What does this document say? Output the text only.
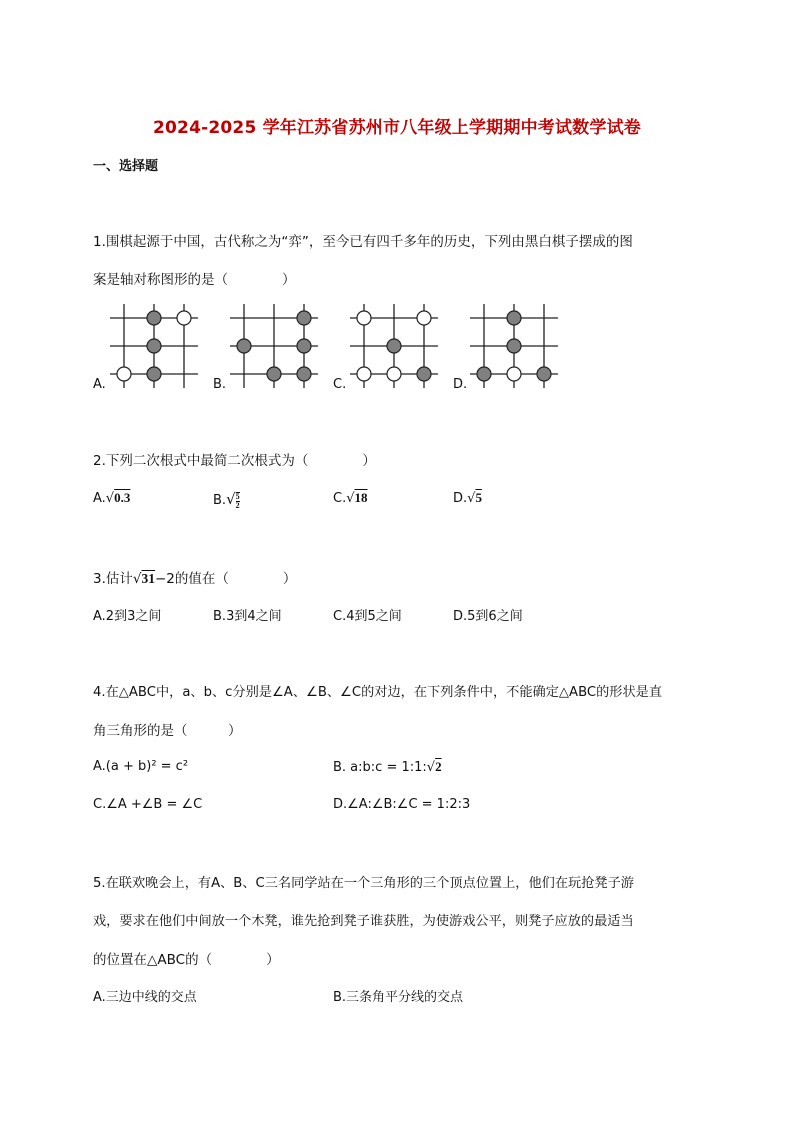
2024-2025 学年江苏省苏州市八年级上学期期中考试数学试卷
一、选择题
1.围棋起源于中国，古代称之为“弈”，至今已有四千多年的历史，下列由黑白棋子摆成的图
案是轴对称图形的是（　　　　）
A.	B.	C.	D.
2.下列二次根式中最简二次根式为（　　　　）
A.√0.3	$B.√ \frac{5}{2}$	C.√18	D.√5
3.估计√31−2的值在（　　　　）
A.2到3之间	B.3到4之间	C.4到5之间	D.5到6之间
4.在△ABC中，a、b、c分别是∠A、∠B、∠C的对边，在下列条件中，不能确定△ABC的形状是直
角三角形的是（　　　）
A.(a + b)² = c²	B. a:b:c = 1:1:√2
C.∠A +∠B = ∠C	D.∠A:∠B:∠C = 1:2:3
5.在联欢晚会上，有A、B、C三名同学站在一个三角形的三个顶点位置上，他们在玩抢凳子游
戏，要求在他们中间放一个木凳，谁先抢到凳子谁获胜，为使游戏公平，则凳子应放的最适当
的位置在△ABC的（　　　　）
A.三边中线的交点	B.三条角平分线的交点
